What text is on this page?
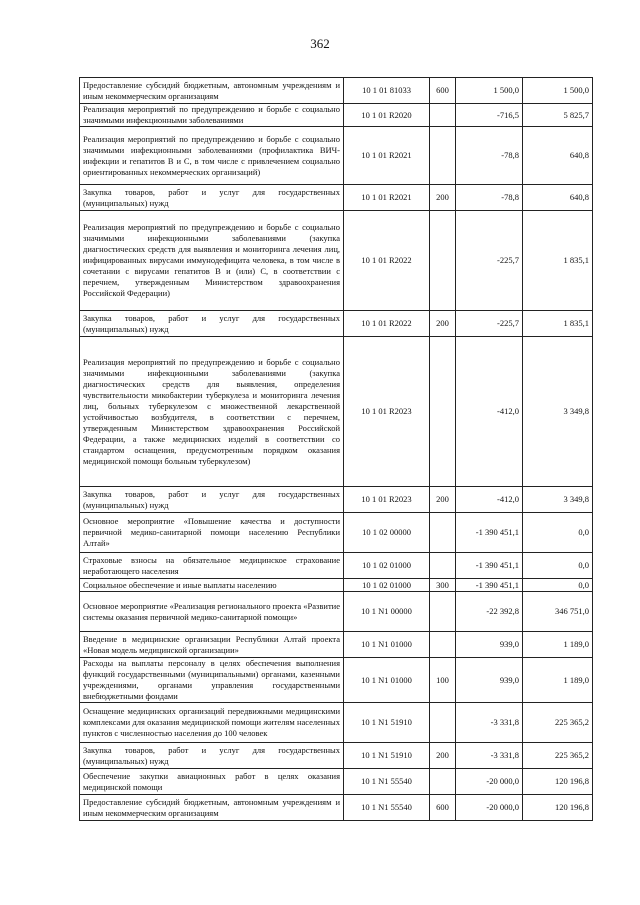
362
Предоставление субсидий бюджетным, автономным учреждениям и иным некоммерческим организациям	10 1 01 81033	600	1 500,0	1 500,0
Реализация мероприятий по предупреждению и борьбе с социально значимыми инфекционными заболеваниями	10 1 01 R2020		-716,5	5 825,7
Реализация мероприятий по предупреждению и борьбе с социально значимыми инфекционными заболеваниями (профилактика ВИЧ-инфекции и гепатитов В и С, в том числе с привлечением социально ориентированных некоммерческих организаций)	10 1 01 R2021		-78,8	640,8
Закупка товаров, работ и услуг для государственных (муниципальных) нужд	10 1 01 R2021	200	-78,8	640,8
Реализация мероприятий по предупреждению и борьбе с социально значимыми инфекционными заболеваниями (закупка диагностических средств для выявления и мониторинга лечения лиц, инфицированных вирусами иммунодефицита человека, в том числе в сочетании с вирусами гепатитов В и (или) С, в соответствии с перечнем, утвержденным Министерством здравоохранения Российской Федерации)	10 1 01 R2022		-225,7	1 835,1
Закупка товаров, работ и услуг для государственных (муниципальных) нужд	10 1 01 R2022	200	-225,7	1 835,1
Реализация мероприятий по предупреждению и борьбе с социально значимыми инфекционными заболеваниями (закупка диагностических средств для выявления, определения чувствительности микобактерии туберкулеза и мониторинга лечения лиц, больных туберкулезом с множественной лекарственной устойчивостью возбудителя, в соответствии с перечнем, утвержденным Министерством здравоохранения Российской Федерации, а также медицинских изделий в соответствии со стандартом оснащения, предусмотренным порядком оказания медицинской помощи больным туберкулезом)	10 1 01 R2023		-412,0	3 349,8
Закупка товаров, работ и услуг для государственных (муниципальных) нужд	10 1 01 R2023	200	-412,0	3 349,8
Основное мероприятие «Повышение качества и доступности первичной медико-санитарной помощи населению Республики Алтай»	10 1 02 00000		-1 390 451,1	0,0
Страховые взносы на обязательное медицинское страхование неработающего населения	10 1 02 01000		-1 390 451,1	0,0
Социальное обеспечение и иные выплаты населению	10 1 02 01000	300	-1 390 451,1	0,0
Основное мероприятие «Реализация регионального проекта «Развитие системы оказания первичной медико-санитарной помощи»	10 1 N1 00000		-22 392,8	346 751,0
Введение в медицинские организации Республики Алтай проекта «Новая модель медицинской организации»	10 1 N1 01000		939,0	1 189,0
Расходы на выплаты персоналу в целях обеспечения выполнения функций государственными (муниципальными) органами, казенными учреждениями, органами управления государственными внебюджетными фондами	10 1 N1 01000	100	939,0	1 189,0
Оснащение медицинских организаций передвижными медицинскими комплексами для оказания медицинской помощи жителям населенных пунктов с численностью населения до 100 человек	10 1 N1 51910		-3 331,8	225 365,2
Закупка товаров, работ и услуг для государственных (муниципальных) нужд	10 1 N1 51910	200	-3 331,8	225 365,2
Обеспечение закупки авиационных работ в целях оказания медицинской помощи	10 1 N1 55540		-20 000,0	120 196,8
Предоставление субсидий бюджетным, автономным учреждениям и иным некоммерческим организациям	10 1 N1 55540	600	-20 000,0	120 196,8
